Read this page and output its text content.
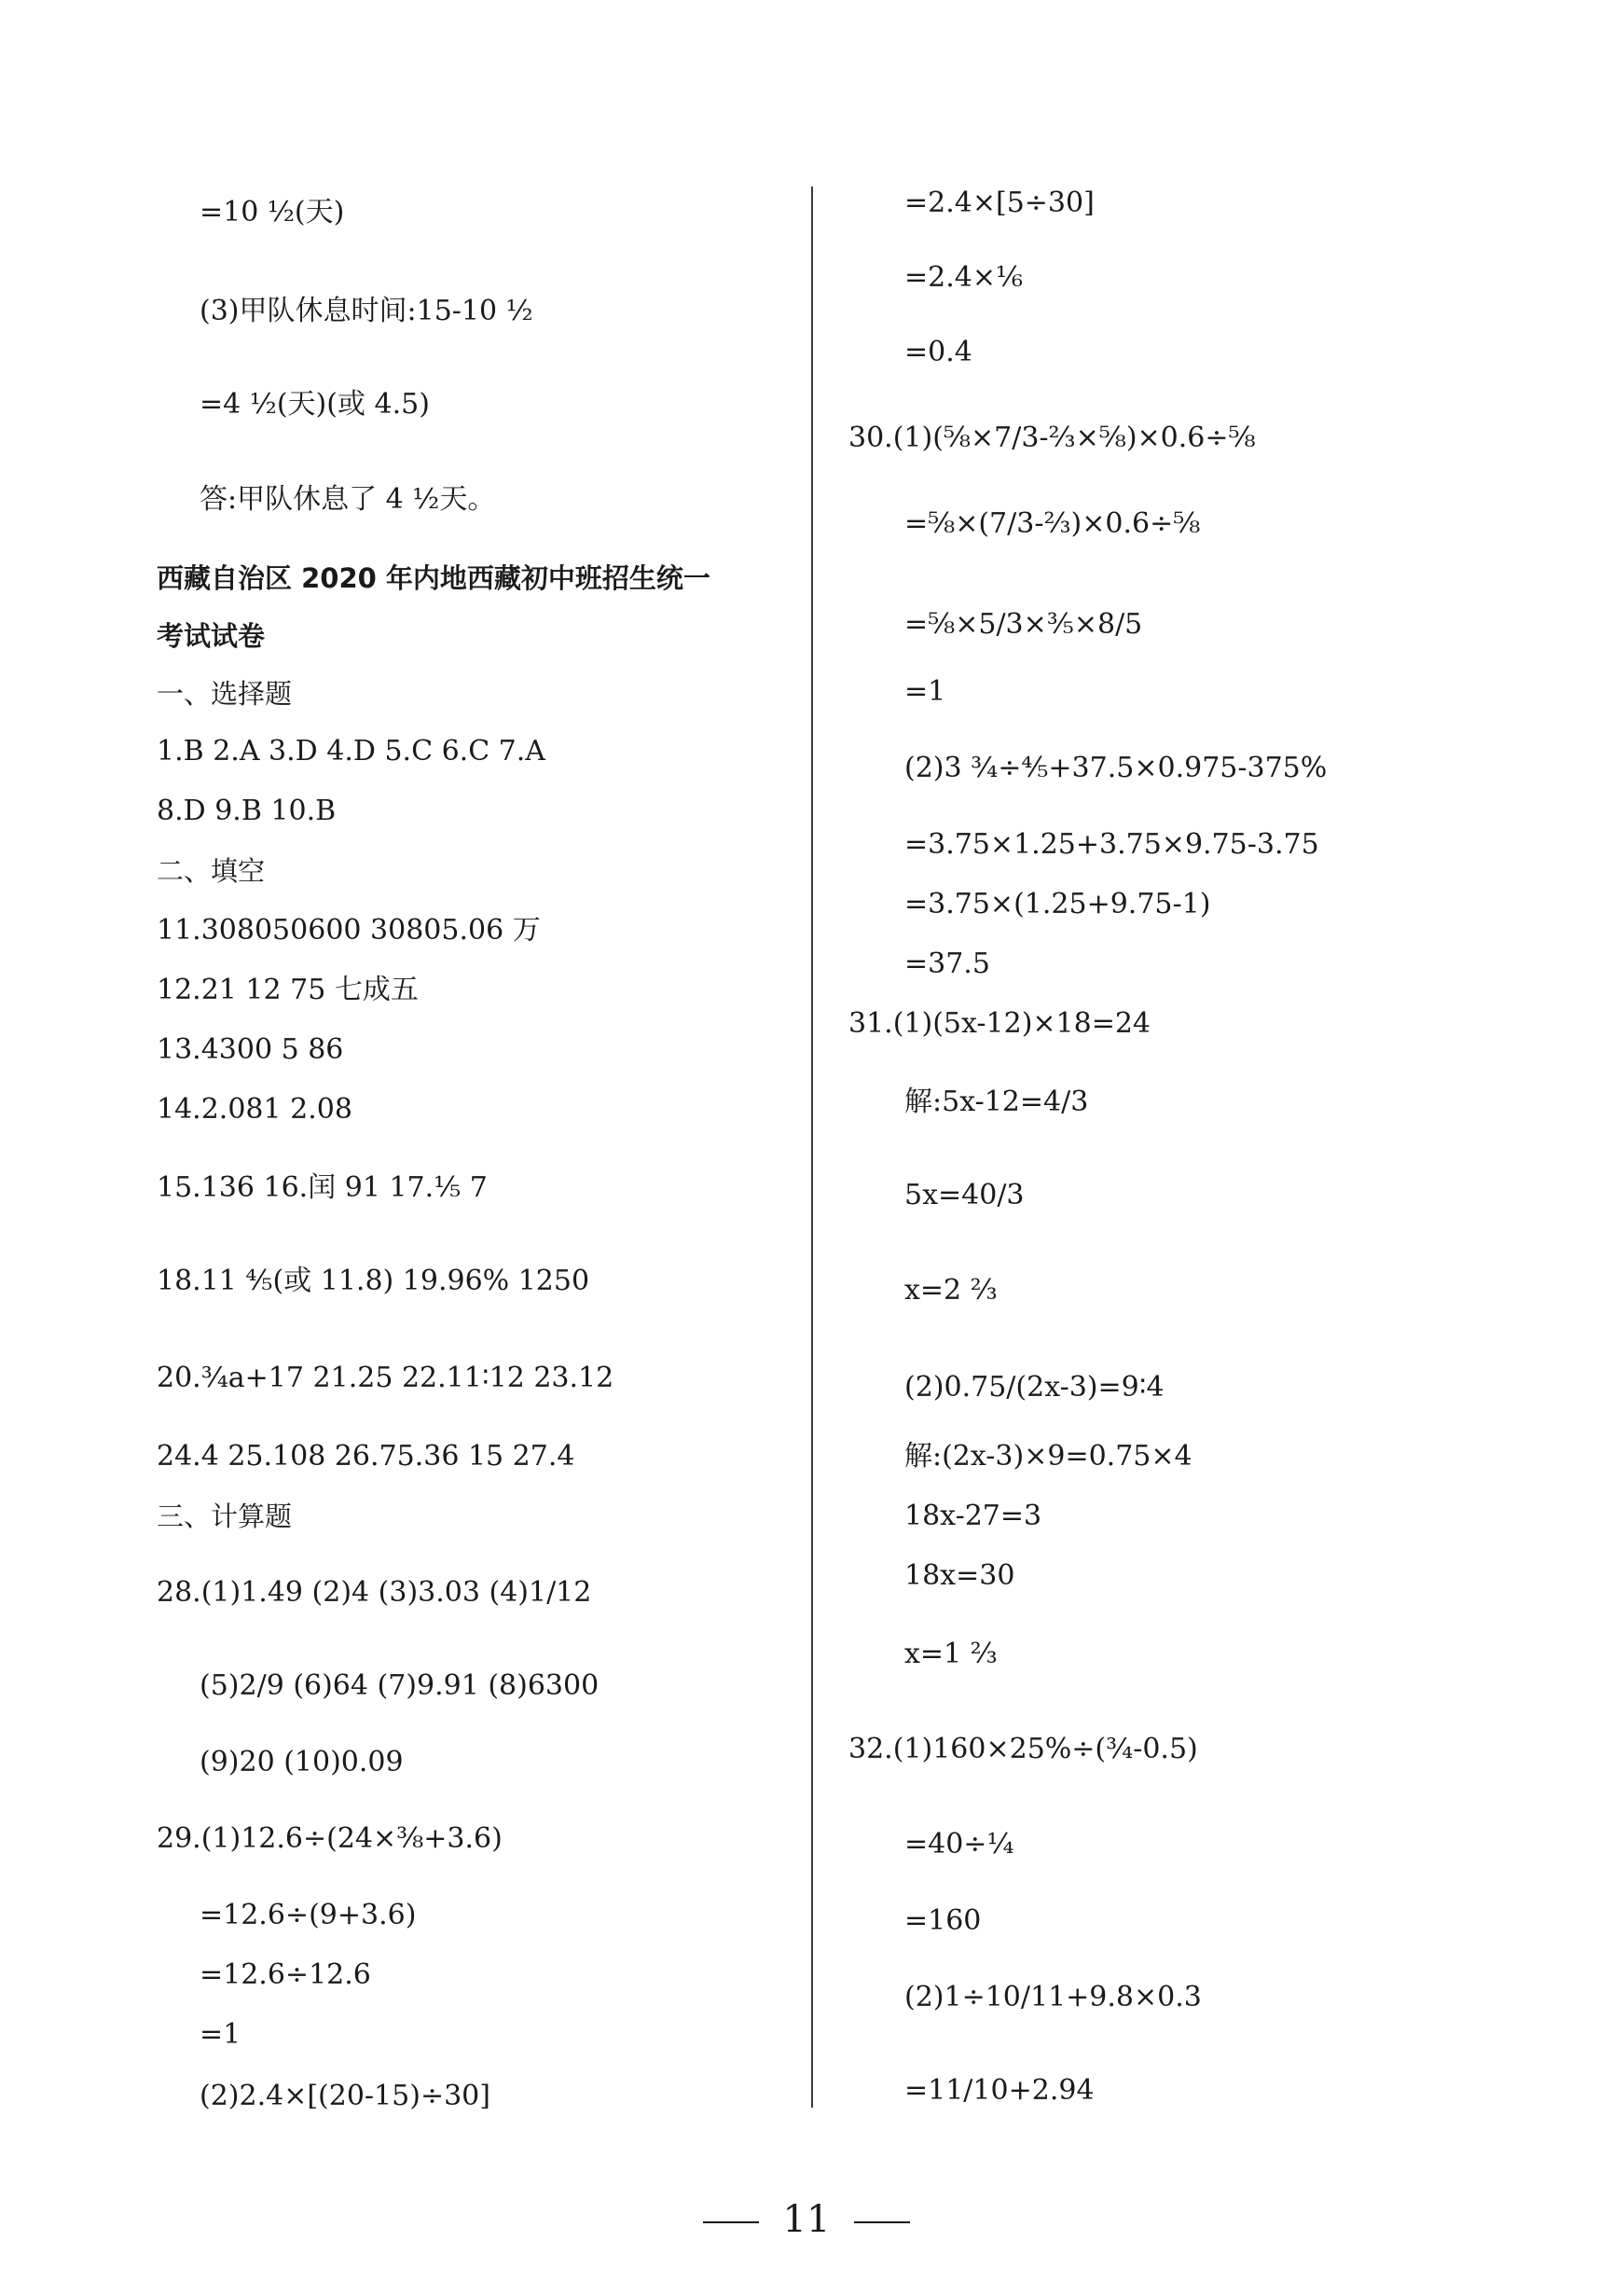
=10 ½(天)
(3)甲队休息时间:15-10 ½
=4 ½(天)(或 4.5)
答:甲队休息了 4 ½天。
西藏自治区 2020 年内地西藏初中班招生统一
考试试卷
一、选择题
1.B 2.A 3.D 4.D 5.C 6.C 7.A
8.D 9.B 10.B
二、填空
11.308050600 30805.06 万
12.21 12 75 七成五
13.4300 5 86
14.2.081 2.08
15.136 16.闰 91 17.⅕ 7
18.11 ⅘(或 11.8) 19.96% 1250
20.¾a+17 21.25 22.11∶12 23.12
24.4 25.108 26.75.36 15 27.4
三、计算题
28.(1)1.49 (2)4 (3)3.03 (4)1/12
(5)2/9 (6)64 (7)9.91 (8)6300
(9)20 (10)0.09
29.(1)12.6÷(24×⅜+3.6)
=12.6÷(9+3.6)
=12.6÷12.6
=1
(2)2.4×[(20-15)÷30]
=2.4×[5÷30]
=2.4×⅙
=0.4
30.(1)(⅝×7/3-⅔×⅝)×0.6÷⅝
=⅝×(7/3-⅔)×0.6÷⅝
=⅝×5/3×⅗×8/5
=1
(2)3 ¾÷⅘+37.5×0.975-375%
=3.75×1.25+3.75×9.75-3.75
=3.75×(1.25+9.75-1)
=37.5
31.(1)(5x-12)×18=24
解:5x-12=4/3
5x=40/3
x=2 ⅔
(2)0.75/(2x-3)=9∶4
解:(2x-3)×9=0.75×4
18x-27=3
18x=30
x=1 ⅔
32.(1)160×25%÷(¾-0.5)
=40÷¼
=160
(2)1÷10/11+9.8×0.3
=11/10+2.94
11
